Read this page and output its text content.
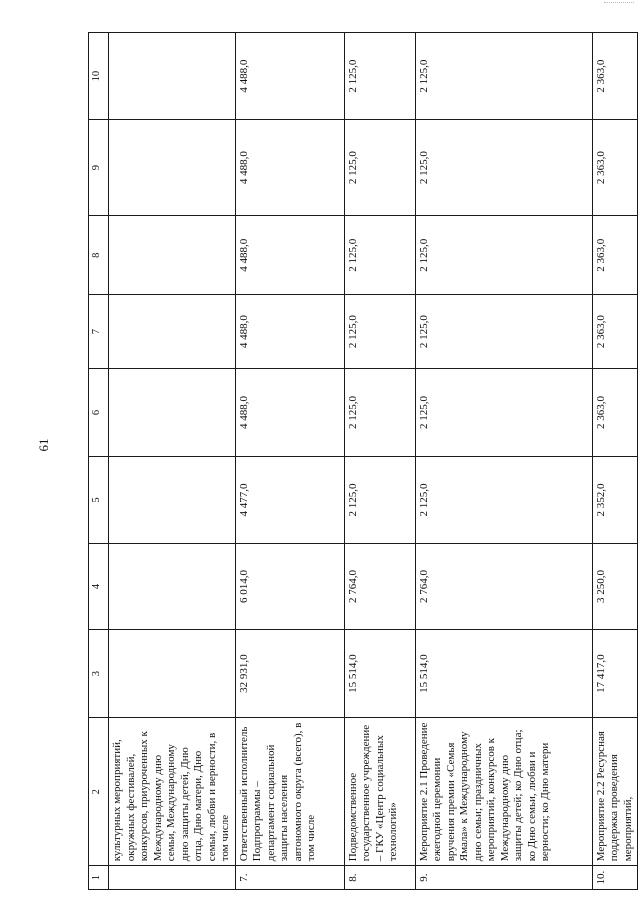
61
1	2	3	4	5	6	7	8	9	10
	культурных мероприятий, окружных фестивалей, конкурсов, приуроченных к Международному дню семьи, Международному дню защиты детей, Дню отца, Дню матери, Дню семьи, любви и верности, в том числе								
7.	Ответственный исполнитель Подпрограммы – департамент социальной защиты населения автономного округа (всего), в том числе	32 931,0	6 014,0	4 477,0	4 488,0	4 488,0	4 488,0	4 488,0	4 488,0
8.	Подведомственное государственное учреждение – ГКУ «Центр социальных технологий»	15 514,0	2 764,0	2 125,0	2 125,0	2 125,0	2 125,0	2 125,0	2 125,0
9.	Мероприятие 2.1 Проведение ежегодной церемонии вручения премии «Семья Ямала» к Международному дню семьи; праздничных мероприятий, конкурсов к Международному дню защиты детей; ко Дню отца; ко Дню семьи, любви и верности; ко Дню матери	15 514,0	2 764,0	2 125,0	2 125,0	2 125,0	2 125,0	2 125,0	2 125,0
10.	Мероприятие 2.2 Ресурсная поддержка проведения мероприятий,	17 417,0	3 250,0	2 352,0	2 363,0	2 363,0	2 363,0	2 363,0	2 363,0
